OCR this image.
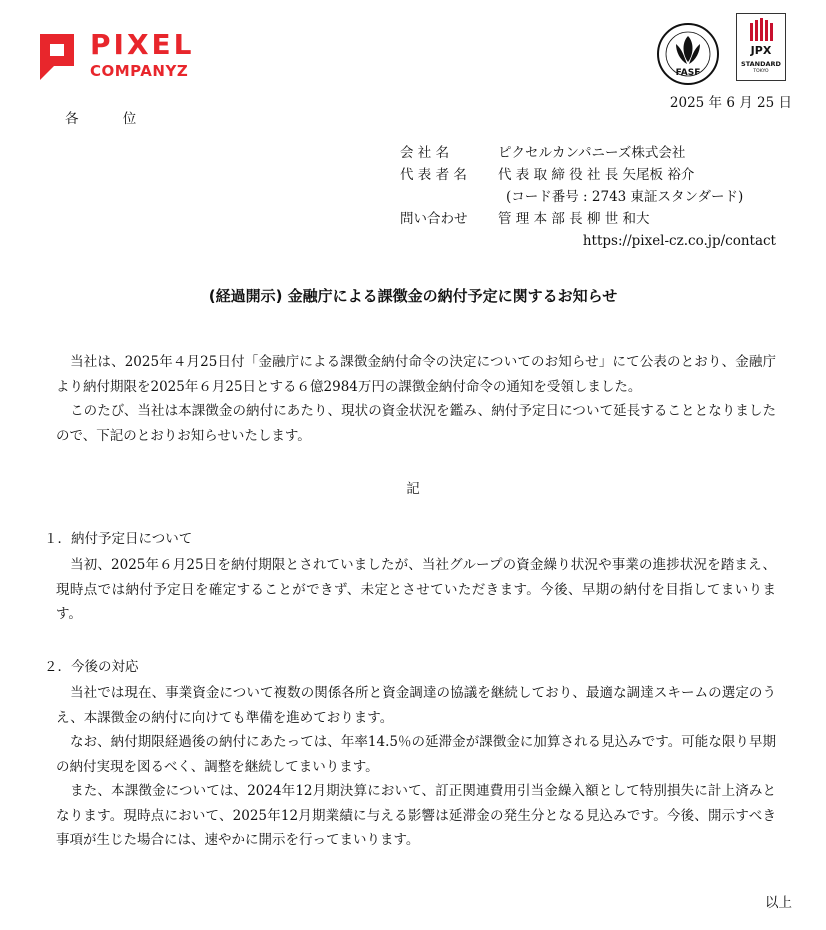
PIXEL
COMPANYZ	FASF
JPX
STANDARD
TOKYO
2025 年 6 月 25 日
各 位
会 社 名	ピクセルカンパニーズ株式会社
代 表 者 名	代 表 取 締 役 社 長 矢尾板 裕介
(コード番号 : 2743 東証スタンダード)
問い合わせ	管 理 本 部 長 柳 世 和大
https://pixel-cz.co.jp/contact
(経過開示) 金融庁による課徴金の納付予定に関するお知らせ
当社は、2025年４月25日付「金融庁による課徴金納付命令の決定についてのお知らせ」にて公表のとおり、金融庁より納付期限を2025年６月25日とする６億2984万円の課徴金納付命令の通知を受領しました。
このたび、当社は本課徴金の納付にあたり、現状の資金状況を鑑み、納付予定日について延長することとなりましたので、下記のとおりお知らせいたします。
記
１．納付予定日について
当初、2025年６月25日を納付期限とされていましたが、当社グループの資金繰り状況や事業の進捗状況を踏まえ、現時点では納付予定日を確定することができず、未定とさせていただきます。今後、早期の納付を目指してまいります。
２．今後の対応
当社では現在、事業資金について複数の関係各所と資金調達の協議を継続しており、最適な調達スキームの選定のうえ、本課徴金の納付に向けても準備を進めております。
なお、納付期限経過後の納付にあたっては、年率14.5％の延滞金が課徴金に加算される見込みです。可能な限り早期の納付実現を図るべく、調整を継続してまいります。
また、本課徴金については、2024年12月期決算において、訂正関連費用引当金繰入額として特別損失に計上済みとなります。現時点において、2025年12月期業績に与える影響は延滞金の発生分となる見込みです。今後、開示すべき事項が生じた場合には、速やかに開示を行ってまいります。
以上
